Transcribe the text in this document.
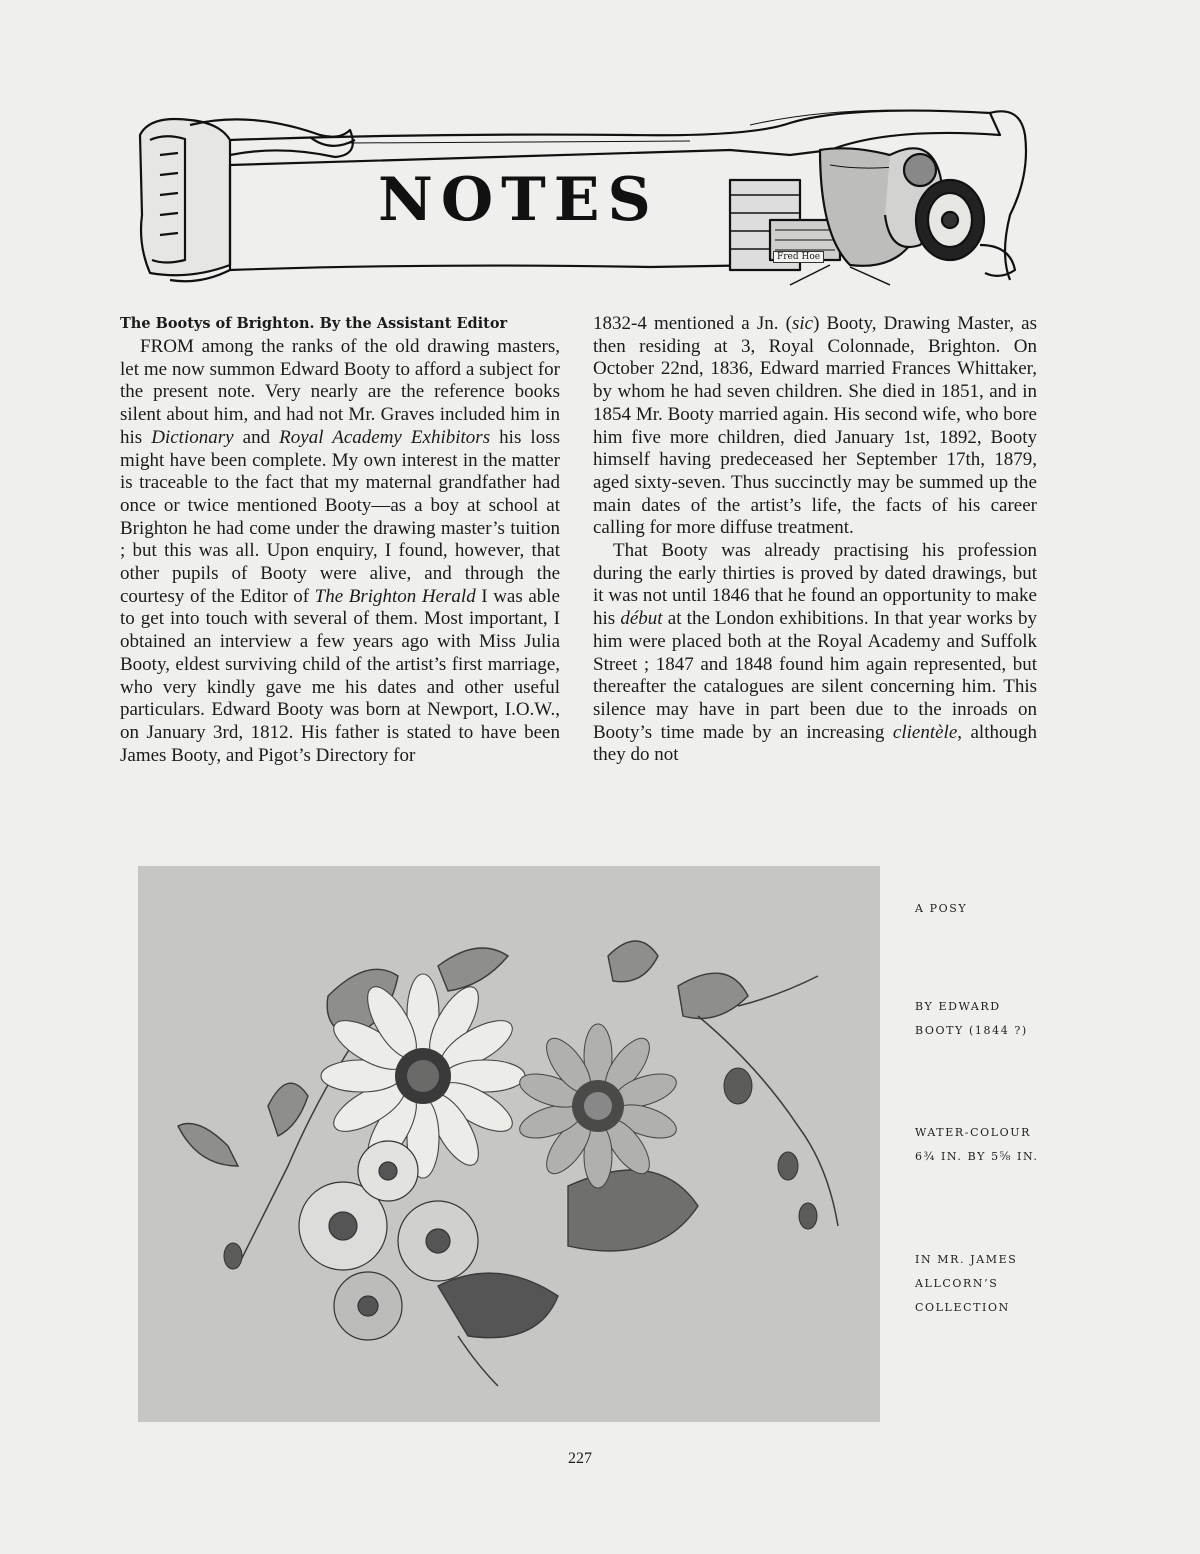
NOTES
Fred Hoe
The Bootys of Brighton. By the Assistant Editor

FROM among the ranks of the old drawing masters, let me now summon Edward Booty to afford a subject for the present note. Very nearly are the reference books silent about him, and had not Mr. Graves included him in his Dictionary and Royal Academy Exhibitors his loss might have been complete. My own interest in the matter is traceable to the fact that my maternal grandfather had once or twice mentioned Booty—as a boy at school at Brighton he had come under the drawing master’s tuition ; but this was all. Upon enquiry, I found, however, that other pupils of Booty were alive, and through the courtesy of the Editor of The Brighton Herald I was able to get into touch with several of them. Most important, I obtained an interview a few years ago with Miss Julia Booty, eldest surviving child of the artist’s first marriage, who very kindly gave me his dates and other useful particulars. Edward Booty was born at Newport, I.O.W., on January 3rd, 1812. His father is stated to have been James Booty, and Pigot’s Directory for

1832-4 mentioned a Jn. (sic) Booty, Drawing Master, as then residing at 3, Royal Colonnade, Brighton. On October 22nd, 1836, Edward married Frances Whittaker, by whom he had seven children. She died in 1851, and in 1854 Mr. Booty married again. His second wife, who bore him five more children, died January 1st, 1892, Booty himself having predeceased her September 17th, 1879, aged sixty-seven. Thus succinctly may be summed up the main dates of the artist’s life, the facts of his career calling for more diffuse treatment.

That Booty was already practising his profession during the early thirties is proved by dated drawings, but it was not until 1846 that he found an opportunity to make his début at the London exhibitions. In that year works by him were placed both at the Royal Academy and Suffolk Street ; 1847 and 1848 found him again represented, but thereafter the catalogues are silent concerning him. This silence may have in part been due to the inroads on Booty’s time made by an increasing clientèle, although they do not

A POSY
BY EDWARD
BOOTY (1844 ?)
WATER-COLOUR
6¾ IN. BY 5⅝ IN.
IN MR. JAMES
ALLCORN’S
COLLECTION
227
